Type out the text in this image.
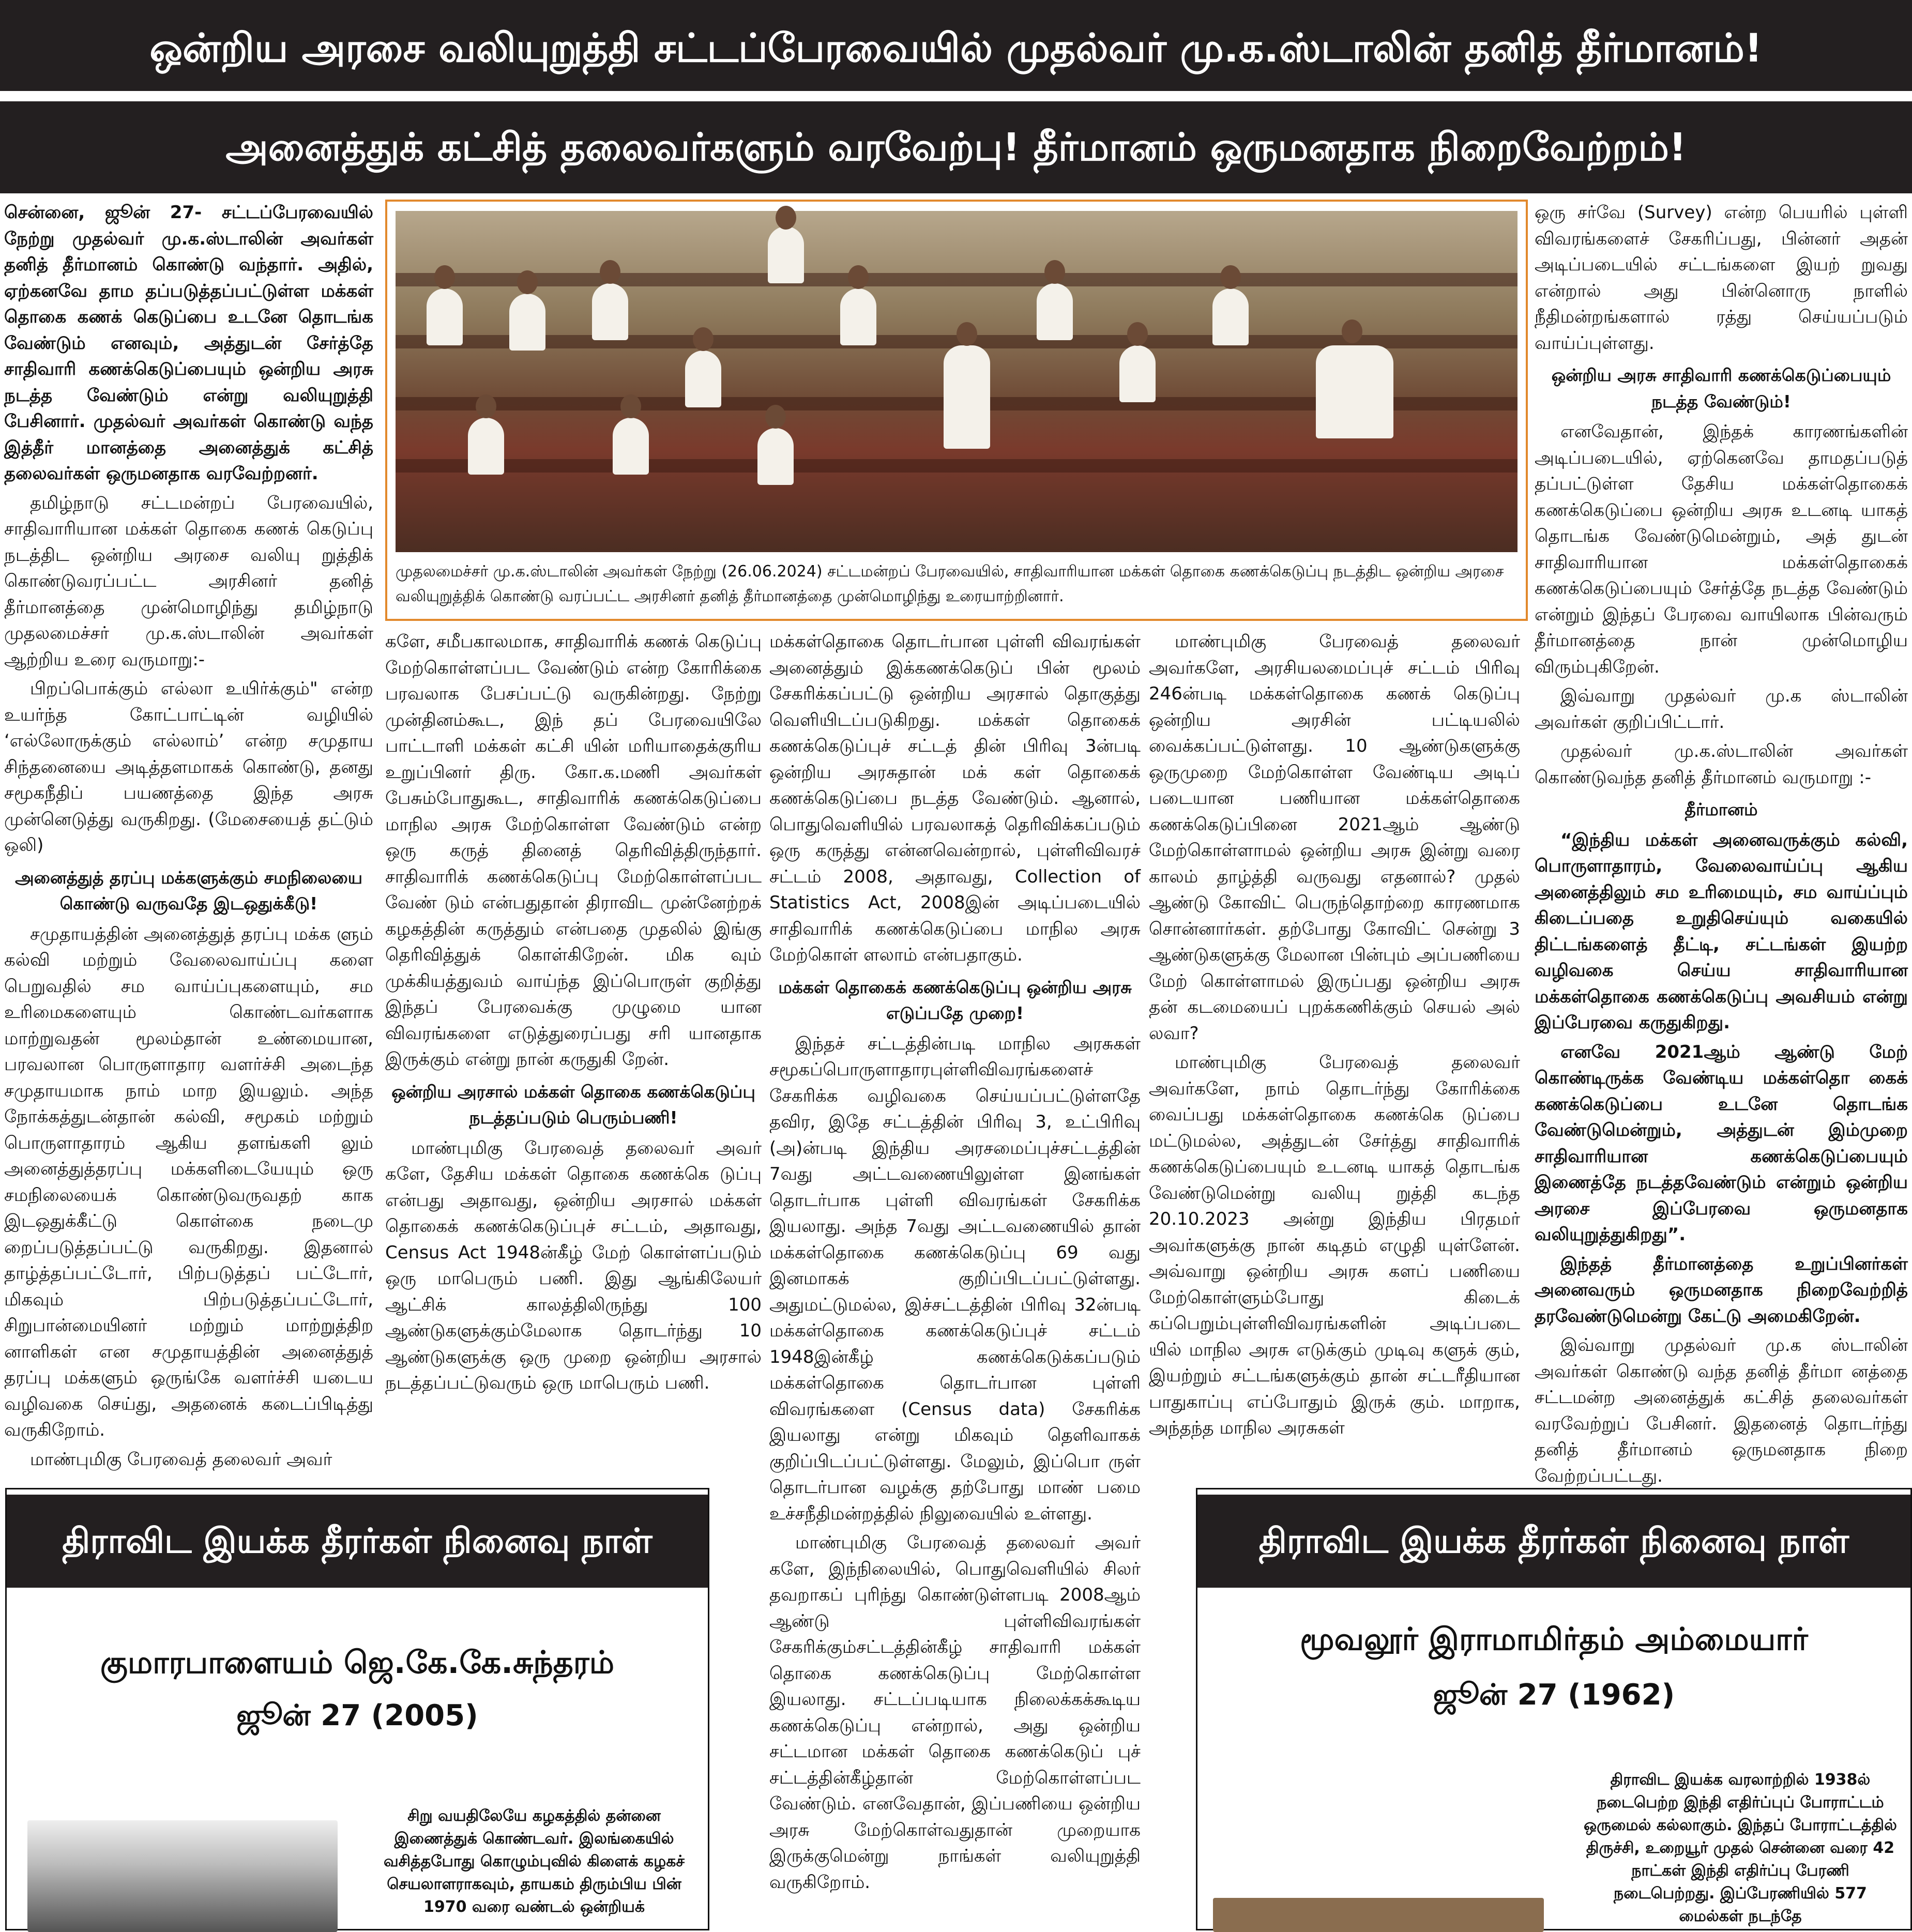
ஒன்றிய அரசை வலியுறுத்தி சட்டப்பேரவையில் முதல்வர் மு.க.ஸ்டாலின் தனித் தீர்மானம்!
அனைத்துக் கட்சித் தலைவர்களும் வரவேற்பு! தீர்மானம் ஒருமனதாக நிறைவேற்றம்!

சென்னை, ஜூன் 27- சட்டப்பேரவையில் நேற்று முதல்வர் மு.க.ஸ்டாலின் அவர்கள் தனித் தீர்மானம் கொண்டு வந்தார். அதில், ஏற்கனவே தாம தப்படுத்தப்பட்டுள்ள மக்கள் தொகை கணக் கெடுப்பை உடனே தொடங்க வேண்டும் எனவும், அத்துடன் சேர்த்தே சாதிவாரி கணக்கெடுப்பையும் ஒன்றிய அரசு நடத்த வேண்டும் என்று வலியுறுத்தி பேசினார். முதல்வர் அவர்கள் கொண்டு வந்த இத்தீர் மானத்தை அனைத்துக் கட்சித் தலைவர்கள் ஒருமனதாக வரவேற்றனர்.

தமிழ்நாடு சட்டமன்றப் பேரவையில், சாதிவாரியான மக்கள் தொகை கணக் கெடுப்பு நடத்திட ஒன்றிய அரசை வலியு றுத்திக் கொண்டுவரப்பட்ட அரசினர் தனித் தீர்மானத்தை முன்மொழிந்து தமிழ்நாடு முதலமைச்சர் மு.க.ஸ்டாலின் அவர்கள் ஆற்றிய உரை வருமாறு:-

பிறப்பொக்கும் எல்லா உயிர்க்கும்" என்ற உயர்ந்த கோட்பாட்டின் வழியில் ‘எல்லோருக்கும் எல்லாம்’ என்ற சமுதாய சிந்தனையை அடித்தளமாகக் கொண்டு, தனது சமூகநீதிப் பயணத்தை இந்த அரசு முன்னெடுத்து வருகிறது. (மேசையைத் தட்டும் ஒலி)

அனைத்துத் தரப்பு மக்களுக்கும் சமநிலையை கொண்டு வருவதே இடஒதுக்கீடு!

சமுதாயத்தின் அனைத்துத் தரப்பு மக்க ளும் கல்வி மற்றும் வேலைவாய்ப்பு களை பெறுவதில் சம வாய்ப்புகளையும், சம உரிமைகளையும் கொண்டவர்களாக மாற்றுவதன் மூலம்தான் உண்மையான, பரவலான பொருளாதார வளர்ச்சி அடைந்த சமுதாயமாக நாம் மாற இயலும். அந்த நோக்கத்துடன்தான் கல்வி, சமூகம் மற்றும் பொருளாதாரம் ஆகிய தளங்களி லும் அனைத்துத்தரப்பு மக்களிடையேயும் ஒரு சமநிலையைக் கொண்டுவருவதற் காக இடஒதுக்கீட்டு கொள்கை நடைமு றைப்படுத்தப்பட்டு வருகிறது. இதனால் தாழ்த்தப்பட்டோர், பிற்படுத்தப் பட்டோர், மிகவும் பிற்படுத்தப்பட்டோர், சிறுபான்மையினர் மற்றும் மாற்றுத்திற னாளிகள் என சமுதாயத்தின் அனைத்துத் தரப்பு மக்களும் ஒருங்கே வளர்ச்சி யடைய வழிவகை செய்து, அதனைக் கடைப்பிடித்து வருகிறோம்.

மாண்புமிகு பேரவைத் தலைவர் அவர்

முதலமைச்சர் மு.க.ஸ்டாலின் அவர்கள் நேற்று (26.06.2024) சட்டமன்றப் பேரவையில், சாதிவாரியான மக்கள் தொகை கணக்கெடுப்பு நடத்திட ஒன்றிய அரசை வலியுறுத்திக் கொண்டு வரப்பட்ட அரசினர் தனித் தீர்மானத்தை முன்மொழிந்து உரையாற்றினார்.

களே, சமீபகாலமாக, சாதிவாரிக் கணக் கெடுப்பு மேற்கொள்ளப்பட வேண்டும் என்ற கோரிக்கை பரவலாக பேசப்பட்டு வருகின்றது. நேற்று முன்தினம்கூட, இந் தப் பேரவையிலே பாட்டாளி மக்கள் கட்சி யின் மரியாதைக்குரிய உறுப்பினர் திரு. கோ.க.மணி அவர்கள் பேசும்போதுகூட, சாதிவாரிக் கணக்கெடுப்பை மாநில அரசு மேற்கொள்ள வேண்டும் என்ற ஒரு கருத் தினைத் தெரிவித்திருந்தார். சாதிவாரிக் கணக்கெடுப்பு மேற்கொள்ளப்பட வேண் டும் என்பதுதான் திராவிட முன்னேற்றக் கழகத்தின் கருத்தும் என்பதை முதலில் இங்கு தெரிவித்துக் கொள்கிறேன். மிக வும் முக்கியத்துவம் வாய்ந்த இப்பொருள் குறித்து இந்தப் பேரவைக்கு முழுமை யான விவரங்களை எடுத்துரைப்பது சரி யானதாக இருக்கும் என்று நான் கருதுகி றேன்.

ஒன்றிய அரசால் மக்கள் தொகை கணக்கெடுப்பு நடத்தப்படும் பெரும்பணி!

மாண்புமிகு பேரவைத் தலைவர் அவர் களே, தேசிய மக்கள் தொகை கணக்கெ டுப்பு என்பது அதாவது, ஒன்றிய அரசால் மக்கள் தொகைக் கணக்கெடுப்புச் சட்டம், அதாவது, Census Act 1948ன்கீழ் மேற் கொள்ளப்படும் ஒரு மாபெரும் பணி. இது ஆங்கிலேயர் ஆட்சிக் காலத்திலிருந்து 100 ஆண்டுகளுக்கும்மேலாக தொடர்ந்து 10 ஆண்டுகளுக்கு ஒரு முறை ஒன்றிய அரசால் நடத்தப்பட்டுவரும் ஒரு மாபெரும் பணி.

மக்கள்தொகை தொடர்பான புள்ளி விவரங்கள் அனைத்தும் இக்கணக்கெடுப் பின் மூலம் சேகரிக்கப்பட்டு ஒன்றிய அரசால் தொகுத்து வெளியிடப்படுகிறது. மக்கள் தொகைக் கணக்கெடுப்புச் சட்டத் தின் பிரிவு 3ன்படி ஒன்றிய அரசுதான் மக் கள் தொகைக் கணக்கெடுப்பை நடத்த வேண்டும். ஆனால், பொதுவெளியில் பரவலாகத் தெரிவிக்கப்படும் ஒரு கருத்து என்னவென்றால், புள்ளிவிவரச் சட்டம் 2008, அதாவது, Collection of Statistics Act, 2008இன் அடிப்படையில் சாதிவாரிக் கணக்கெடுப்பை மாநில அரசு மேற்கொள் ளலாம் என்பதாகும்.

மக்கள் தொகைக் கணக்கெடுப்பு ஒன்றிய அரசு எடுப்பதே முறை!

இந்தச் சட்டத்தின்படி மாநில அரசுகள் சமூகப்பொருளாதாரபுள்ளிவிவரங்களைச் சேகரிக்க வழிவகை செய்யப்பட்டுள்ளதே தவிர, இதே சட்டத்தின் பிரிவு 3, உட்பிரிவு (அ)ன்படி இந்திய அரசமைப்புச்சட்டத்தின் 7வது அட்டவணையிலுள்ள இனங்கள் தொடர்பாக புள்ளி விவரங்கள் சேகரிக்க இயலாது. அந்த 7வது அட்டவணையில் தான் மக்கள்தொகை கணக்கெடுப்பு 69 வது இனமாகக் குறிப்பிடப்பட்டுள்ளது. அதுமட்டுமல்ல, இச்சட்டத்தின் பிரிவு 32ன்படி மக்கள்தொகை கணக்கெடுப்புச் சட்டம் 1948இன்கீழ் கணக்கெடுக்கப்படும் மக்கள்தொகை தொடர்பான புள்ளி விவரங்களை (Census data) சேகரிக்க இயலாது என்று மிகவும் தெளிவாகக் குறிப்பிடப்பட்டுள்ளது. மேலும், இப்பொ ருள் தொடர்பான வழக்கு தற்போது மாண் பமை உச்சநீதிமன்றத்தில் நிலுவையில் உள்ளது.

மாண்புமிகு பேரவைத் தலைவர் அவர் களே, இந்நிலையில், பொதுவெளியில் சிலர் தவறாகப் புரிந்து கொண்டுள்ளபடி 2008ஆம் ஆண்டு புள்ளிவிவரங்கள் சேகரிக்கும்சட்டத்தின்கீழ் சாதிவாரி மக்கள் தொகை கணக்கெடுப்பு மேற்கொள்ள இயலாது. சட்டப்படியாக நிலைக்கக்கூடிய கணக்கெடுப்பு என்றால், அது ஒன்றிய சட்டமான மக்கள் தொகை கணக்கெடுப் புச் சட்டத்தின்கீழ்தான் மேற்கொள்ளப்பட வேண்டும். எனவேதான், இப்பணியை ஒன்றிய அரசு மேற்கொள்வதுதான் முறையாக இருக்குமென்று நாங்கள் வலியுறுத்தி வருகிறோம்.

மாண்புமிகு பேரவைத் தலைவர் அவர்களே, அரசியலமைப்புச் சட்டம் பிரிவு 246ன்படி மக்கள்தொகை கணக் கெடுப்பு ஒன்றிய அரசின் பட்டியலில் வைக்கப்பட்டுள்ளது. 10 ஆண்டுகளுக்கு ஒருமுறை மேற்கொள்ள வேண்டிய அடிப் படையான பணியான மக்கள்தொகை கணக்கெடுப்பினை 2021ஆம் ஆண்டு மேற்கொள்ளாமல் ஒன்றிய அரசு இன்று வரை காலம் தாழ்த்தி வருவது எதனால்? முதல் ஆண்டு கோவிட் பெருந்தொற்றை காரணமாக சொன்னார்கள். தற்போது கோவிட் சென்று 3 ஆண்டுகளுக்கு மேலான பின்பும் அப்பணியை மேற் கொள்ளாமல் இருப்பது ஒன்றிய அரசு தன் கடமையைப் புறக்கணிக்கும் செயல் அல் லவா?

மாண்புமிகு பேரவைத் தலைவர் அவர்களே, நாம் தொடர்ந்து கோரிக்கை வைப்பது மக்கள்தொகை கணக்கெ டுப்பை மட்டுமல்ல, அத்துடன் சேர்த்து சாதிவாரிக் கணக்கெடுப்பையும் உடனடி யாகத் தொடங்க வேண்டுமென்று வலியு றுத்தி கடந்த 20.10.2023 அன்று இந்திய பிரதமர் அவர்களுக்கு நான் கடிதம் எழுதி யுள்ளேன். அவ்வாறு ஒன்றிய அரசு களப் பணியை மேற்கொள்ளும்போது கிடைக் கப்பெறும்புள்ளிவிவரங்களின் அடிப்படை யில் மாநில அரசு எடுக்கும் முடிவு களுக் கும், இயற்றும் சட்டங்களுக்கும் தான் சட்டரீதியான பாதுகாப்பு எப்போதும் இருக் கும். மாறாக, அந்தந்த மாநில அரசுகள்

ஒரு சர்வே (Survey) என்ற பெயரில் புள்ளி விவரங்களைச் சேகரிப்பது, பின்னர் அதன் அடிப்படையில் சட்டங்களை இயற் றுவது என்றால் அது பின்னொரு நாளில் நீதிமன்றங்களால் ரத்து செய்யப்படும் வாய்ப்புள்ளது.

ஒன்றிய அரசு சாதிவாரி கணக்கெடுப்பையும் நடத்த வேண்டும்!

எனவேதான், இந்தக் காரணங்களின் அடிப்படையில், ஏற்கெனவே தாமதப்படுத் தப்பட்டுள்ள தேசிய மக்கள்தொகைக் கணக்கெடுப்பை ஒன்றிய அரசு உடனடி யாகத் தொடங்க வேண்டுமென்றும், அத் துடன் சாதிவாரியான மக்கள்தொகைக் கணக்கெடுப்பையும் சேர்த்தே நடத்த வேண்டும் என்றும் இந்தப் பேரவை வாயிலாக பின்வரும் தீர்மானத்தை நான் முன்மொழிய விரும்புகிறேன்.

இவ்வாறு முதல்வர் மு.க ஸ்டாலின் அவர்கள் குறிப்பிட்டார்.

முதல்வர் மு.க.ஸ்டாலின் அவர்கள் கொண்டுவந்த தனித் தீர்மானம் வருமாறு :-

தீர்மானம்

“இந்திய மக்கள் அனைவருக்கும் கல்வி, பொருளாதாரம், வேலைவாய்ப்பு ஆகிய அனைத்திலும் சம உரிமையும், சம வாய்ப்பும் கிடைப்பதை உறுதிசெய்யும் வகையில் திட்டங்களைத் தீட்டி, சட்டங்கள் இயற்ற வழிவகை செய்ய சாதிவாரியான மக்கள்தொகை கணக்கெடுப்பு அவசியம் என்று இப்பேரவை கருதுகிறது.

எனவே 2021ஆம் ஆண்டு மேற் கொண்டிருக்க வேண்டிய மக்கள்தொ கைக் கணக்கெடுப்பை உடனே தொடங்க வேண்டுமென்றும், அத்துடன் இம்முறை சாதிவாரியான கணக்கெடுப்பையும் இணைத்தே நடத்தவேண்டும் என்றும் ஒன்றிய அரசை இப்பேரவை ஒருமனதாக வலியுறுத்துகிறது”.

இந்தத் தீர்மானத்தை உறுப்பினர்கள் அனைவரும் ஒருமனதாக நிறைவேற்றித் தரவேண்டுமென்று கேட்டு அமைகிறேன்.

இவ்வாறு முதல்வர் மு.க ஸ்டாலின் அவர்கள் கொண்டு வந்த தனித் தீர்மா னத்தை சட்டமன்ற அனைத்துக் கட்சித் தலைவர்கள் வரவேற்றுப் பேசினர். இதனைத் தொடர்ந்து தனித் தீர்மானம் ஒருமனதாக நிறை வேற்றப்பட்டது.

திராவிட இயக்க தீரர்கள் நினைவு நாள்
குமாரபாளையம் ஜெ.கே.கே.சுந்தரம்
ஜூன் 27 (2005)
சிறு வயதிலேயே கழகத்தில் தன்னை இணைத்துக் கொண்டவர். இலங்கையில் வசித்தபோது கொழும்புவில் கிளைக் கழகச் செயலாளராகவும், தாயகம் திரும்பிய பின் 1970 வரை வண்டல் ஒன்றியக்
திராவிட இயக்க தீரர்கள் நினைவு நாள்
மூவலூர் இராமாமிர்தம் அம்மையார்
ஜூன் 27 (1962)
திராவிட இயக்க வரலாற்றில் 1938ல் நடைபெற்ற இந்தி எதிர்ப்புப் போராட்டம் ஒருமைல் கல்லாகும். இந்தப் போராட்டத்தில் திருச்சி, உறையூர் முதல் சென்னை வரை 42 நாட்கள் இந்தி எதிர்ப்பு பேரணி நடைபெற்றது. இப்பேரணியில் 577 மைல்கள் நடந்தே
